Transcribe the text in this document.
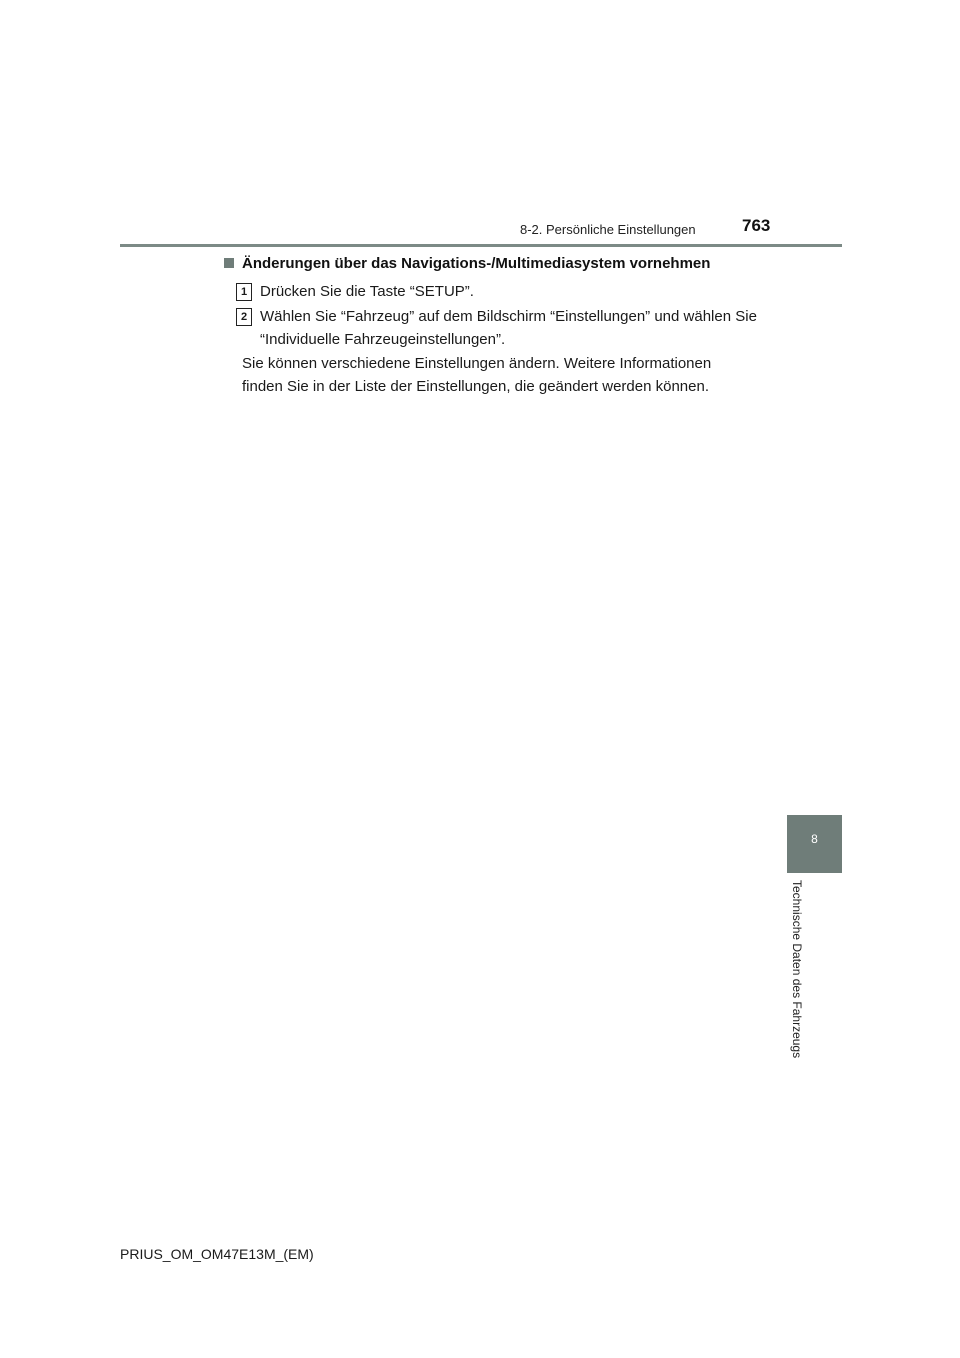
8-2. Persönliche Einstellungen	763
Änderungen über das Navigations-/Multimediasystem vornehmen
1 Drücken Sie die Taste “SETUP”.
2 Wählen Sie “Fahrzeug” auf dem Bildschirm “Einstellungen” und wählen Sie “Individuelle Fahrzeugeinstellungen”.
Sie können verschiedene Einstellungen ändern. Weitere Informationen finden Sie in der Liste der Einstellungen, die geändert werden können.
8
Technische Daten des Fahrzeugs
PRIUS_OM_OM47E13M_(EM)
